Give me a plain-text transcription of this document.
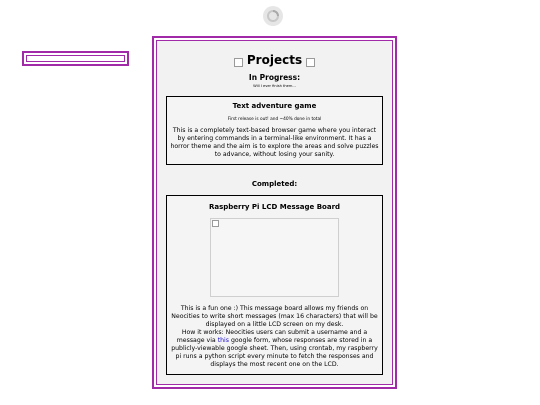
Projects
In Progress:
Will I ever finish them...
Text adventure game
First release is out! and ~40% done in total
This is a completely text-based browser game where you interact by entering commands in a terminal-like environment. It has a horror theme and the aim is to explore the areas and solve puzzles to advance, without losing your sanity.
Completed:
Raspberry Pi LCD Message Board
This is a fun one :) This message board allows my friends on Neocities to write short messages (max 16 characters) that will be displayed on a little LCD screen on my desk.
How it works: Neocities users can submit a username and a message via this google form, whose responses are stored in a publicly-viewable google sheet. Then, using crontab, my raspberry pi runs a python script every minute to fetch the responses and displays the most recent one on the LCD.
